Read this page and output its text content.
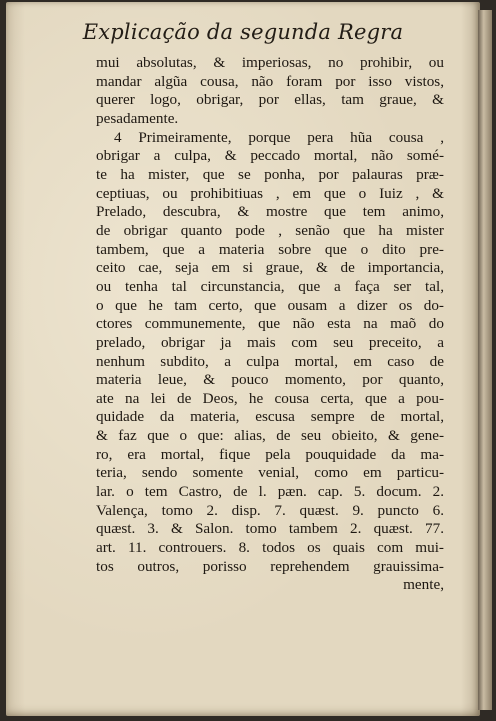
Explicação da segunda Regra
mui absolutas, & imperiosas, no prohibir, ou
mandar algũa cousa, não foram por isso vistos,
querer logo, obrigar, por ellas, tam graue, &
pesadamente.
4 Primeiramente, porque pera hũa cousa ,
obrigar a culpa, & peccado mortal, não somé-
te ha mister, que se ponha, por palauras præ-
ceptiuas, ou prohibitiuas , em que o Iuiz , &
Prelado, descubra, & mostre que tem animo,
de obrigar quanto pode , senão que ha mister
tambem, que a materia sobre que o dito pre-
ceito cae, seja em si graue, & de importancia,
ou tenha tal circunstancia, que a faça ser tal,
o que he tam certo, que ousam a dizer os do-
ctores communemente, que não esta na maõ do
prelado, obrigar ja mais com seu preceito, a
nenhum subdito, a culpa mortal, em caso de
materia leue, & pouco momento, por quanto,
ate na lei de Deos, he cousa certa, que a pou-
quidade da materia, escusa sempre de mortal,
& faz que o que: alias, de seu obieito, & gene-
ro, era mortal, fique pela pouquidade da ma-
teria, sendo somente venial, como em particu-
lar. o tem Castro, de l. pæn. cap. 5. docum. 2.
Valença, tomo 2. disp. 7. quæst. 9. puncto 6.
quæst. 3. & Salon. tomo tambem 2. quæst. 77.
art. 11. controuers. 8. todos os quais com mui-
tos outros, porisso reprehendem grauissima-
mente,
